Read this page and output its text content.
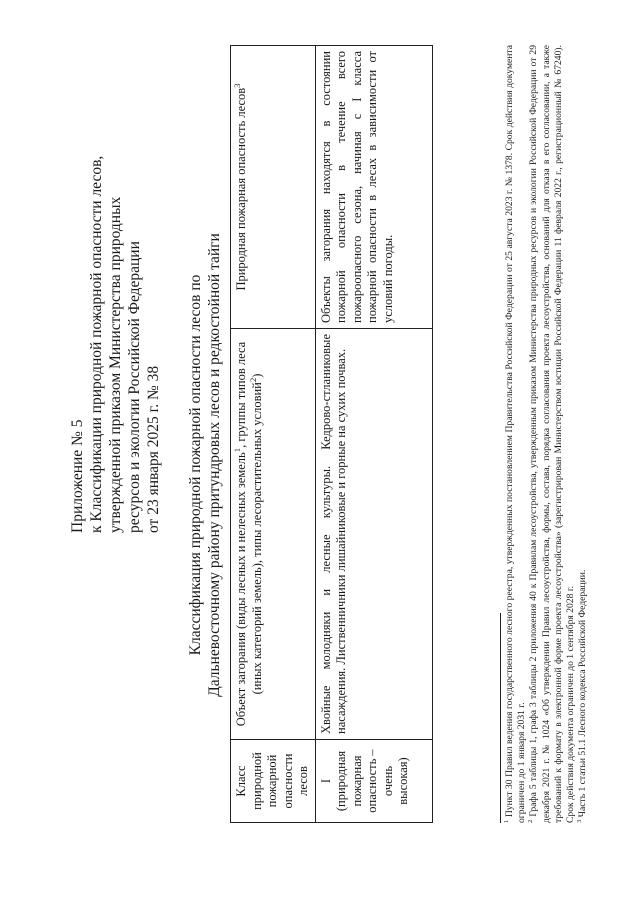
Приложение № 5 к Классификации природной пожарной опасности лесов, утвержденной приказом Министерства природных ресурсов и экологии Российской Федерации от 23 января 2025 г. № 38 Классификация природной пожарной опасности лесов по Дальневосточному району притундровых лесов и редкостойной тайги
Класс природной пожарной опасности лесов	Объект загорания (виды лесных и нелесных земель$^1$, группы типов леса (иных категорий земель), типы лесорастительных условий$^2$)	Природная пожарная опасность лесов$^3$

I (природная пожарная опасность – очень высокая)	Хвойные молодняки и лесные культуры. Кедрово-стланиковые насаждения. Лиственничники лишайниковые и горные на сухих почвах.	Объекты загорания находятся в состоянии пожарной опасности в течение всего пожароопасного сезона, начиная с I класса пожарной опасности в лесах в зависимости от условий погоды.

$^1$ Пункт 30 Правил ведения государственного лесного реестра, утвержденных постановлением Правительства Российской Федерации от 25 августа 2023 г. № 1378. Срок действия документа ограничен до 1 января 2031 г. $^2$ Графа 5 таблицы 1, графа 3 таблицы 2 приложения 40 к Правилам лесоустройства, утвержденным приказом Министерства природных ресурсов и экологии Российской Федерации от 29 декабря 2021 г. № 1024 «Об утверждении Правил лесоустройства, формы, состава, порядка согласования проекта лесоустройства, оснований для отказа в его согласовании, а также требований к формату в электронной форме проекта лесоустройства» (зарегистрирован Министерством юстиции Российской Федерации 11 февраля 2022 г., регистрационный № 67240). Срок действия документа ограничен до 1 сентября 2028 г. $^3$ Часть 1 статьи 51.1 Лесного кодекса Российской Федерации.
